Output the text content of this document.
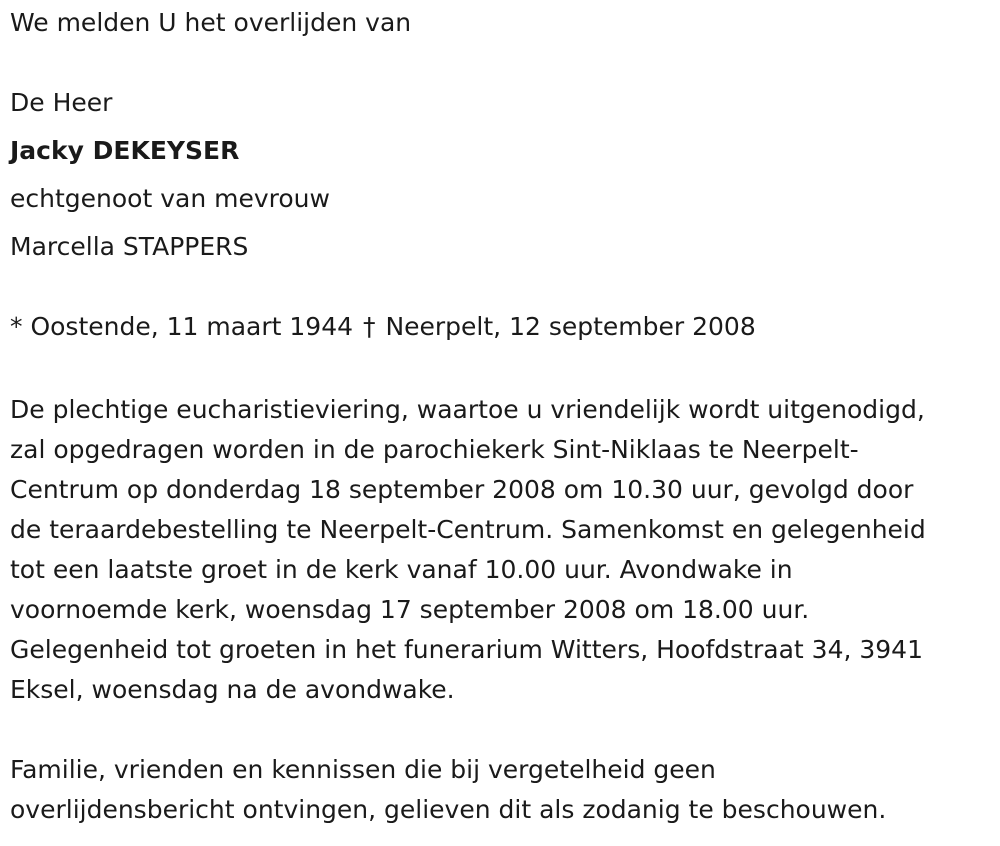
We melden U het overlijden van

De Heer

Jacky DEKEYSER

echtgenoot van mevrouw

Marcella STAPPERS

* Oostende, 11 maart 1944 † Neerpelt, 12 september 2008

De plechtige eucharistieviering, waartoe u vriendelijk wordt uitgenodigd,
zal opgedragen worden in de parochiekerk Sint-Niklaas te Neerpelt-
Centrum op donderdag 18 september 2008 om 10.30 uur, gevolgd door
de teraardebestelling te Neerpelt-Centrum. Samenkomst en gelegenheid
tot een laatste groet in de kerk vanaf 10.00 uur. Avondwake in
voornoemde kerk, woensdag 17 september 2008 om 18.00 uur.
Gelegenheid tot groeten in het funerarium Witters, Hoofdstraat 34, 3941
Eksel, woensdag na de avondwake.
Familie, vrienden en kennissen die bij vergetelheid geen
overlijdensbericht ontvingen, gelieven dit als zodanig te beschouwen.
